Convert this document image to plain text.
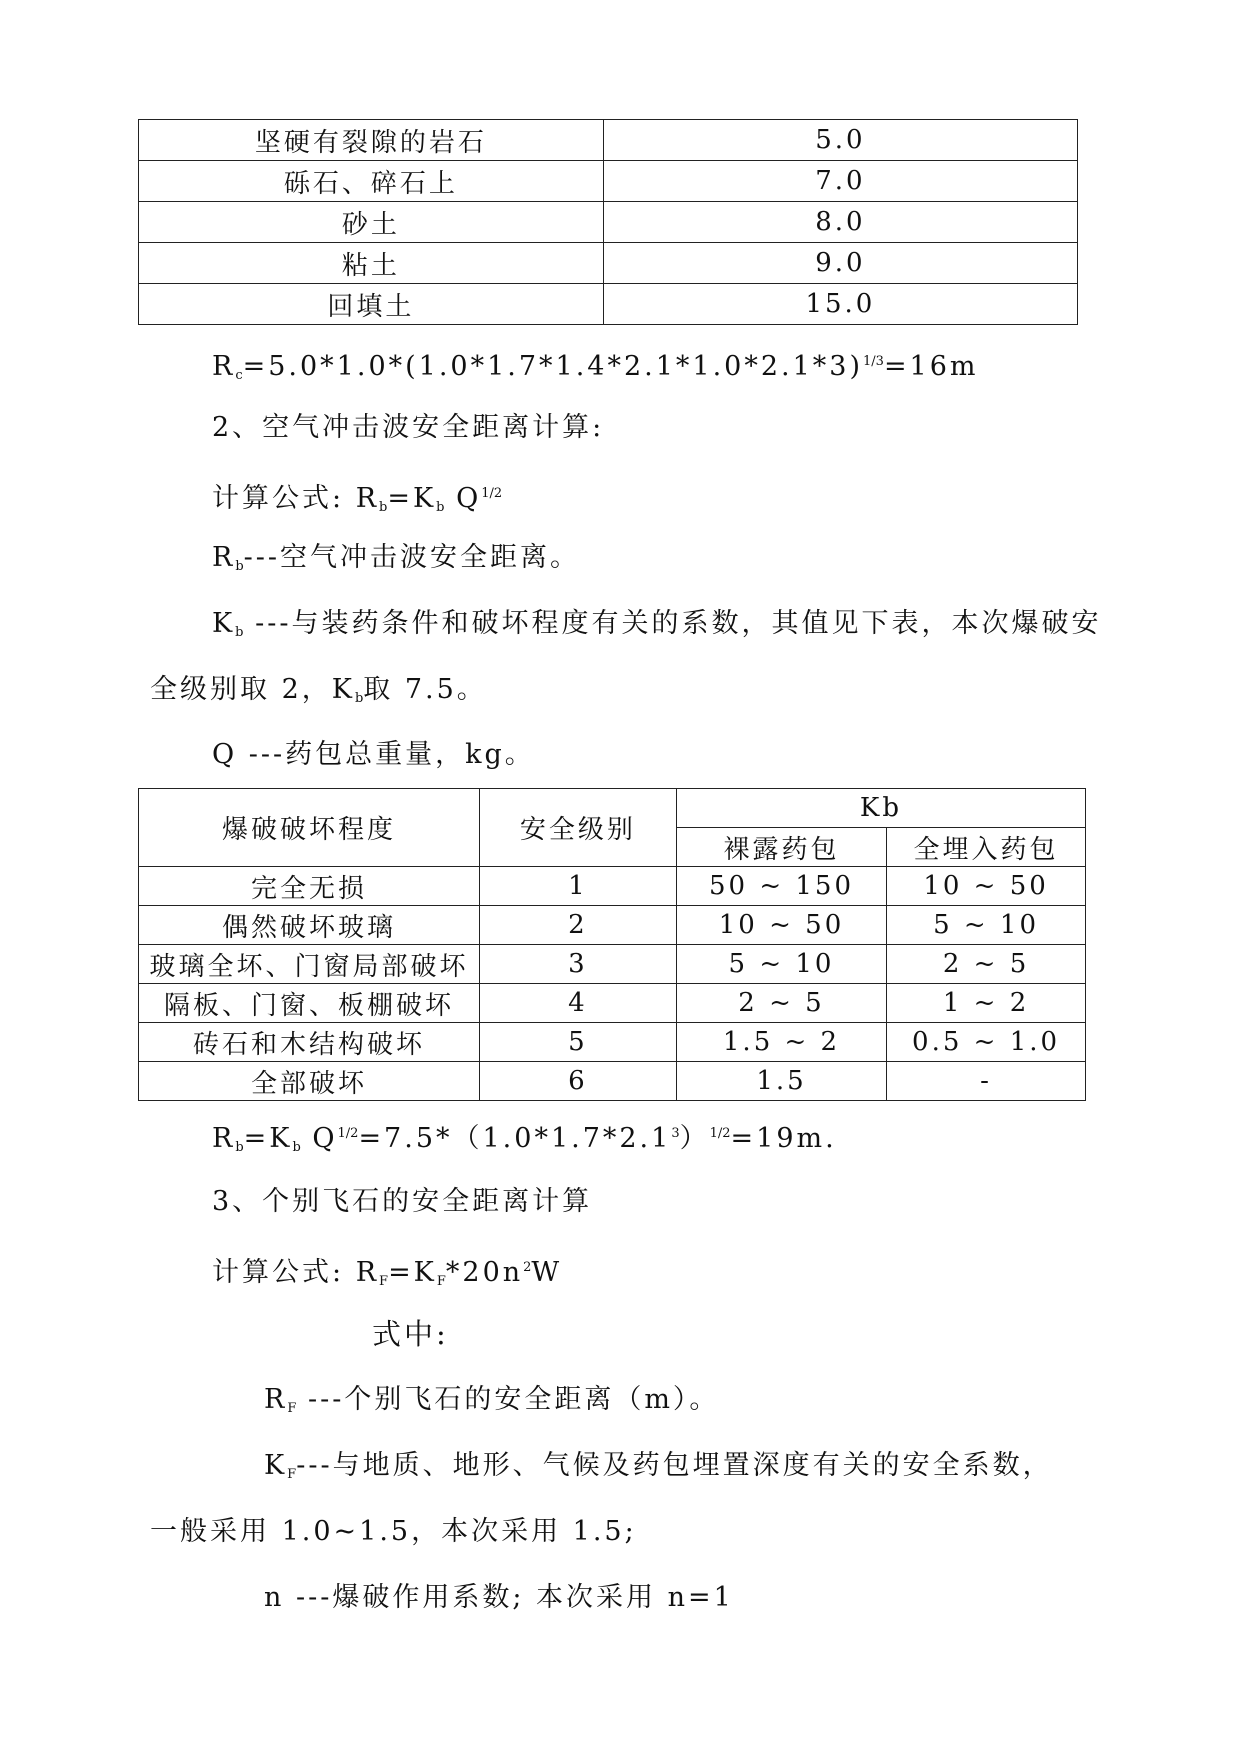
坚硬有裂隙的岩石	5.0
砾石、碎石上	7.0
砂土	8.0
粘土	9.0
回填土	15.0
$R_c=5.0*1.0*(1.0*1.7*1.4*2.1*1.0*2.1*3)^{1/3}=16m$
2、空气冲击波安全距离计算:
计算公式: $R_b=K_b$ $Q^{1/2}$
$R_b---$空气冲击波安全距离。
$K_b$ ---与装药条件和破坏程度有关的系数，其值见下表，本次爆破安
全级别取 2，$K_b$取 7.5。
Q ---药包总重量，kg。
爆破破坏程度	安全级别	Kb	
		裸露药包	全埋入药包
完全无损	1	50 ~ 150	10 ~ 50
偶然破坏玻璃	2	10 ~ 50	5 ~ 10
玻璃全坏、门窗局部破坏	3	5 ~ 10	2 ~ 5
隔板、门窗、板棚破坏	4	2 ~ 5	1 ~ 2
砖石和木结构破坏	5	1.5 ~ 2	0.5 ~ 1.0
全部破坏	6	1.5	-
$R_b=K_b$ $Q^{1/2}=7.5*(1.0*1.7*2.1^3)^{1/2}=19m$.
3、个别飞石的安全距离计算
计算公式: $R_F=K_F*20n^2W$
式中:
$R_F$ ---个别飞石的安全距离（m）。
$K_F---$与地质、地形、气候及药包埋置深度有关的安全系数，
一般采用 1.0~1.5，本次采用 1.5;
n ---爆破作用系数; 本次采用 n=1
